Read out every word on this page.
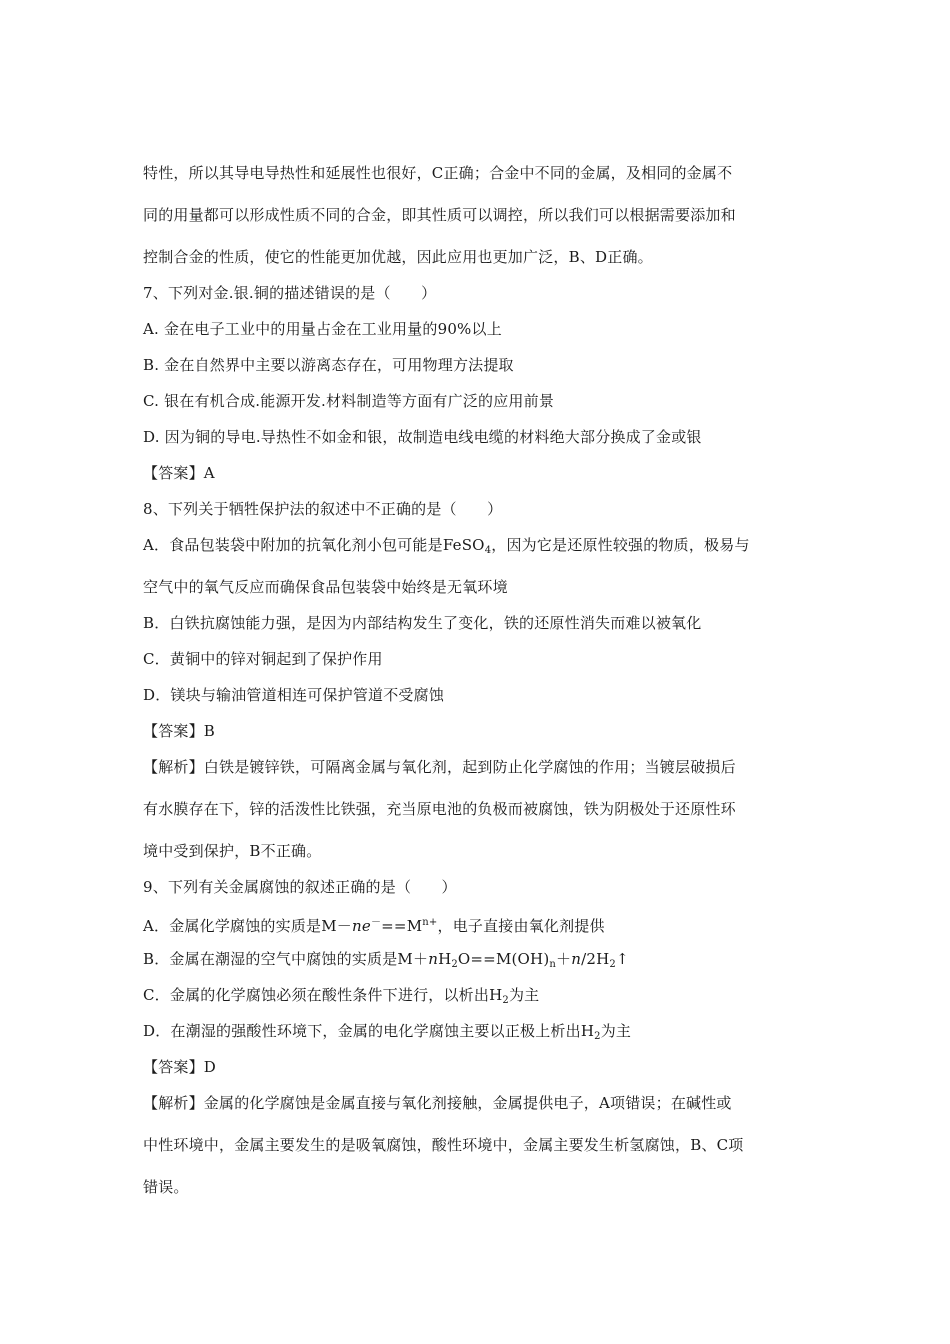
特性，所以其导电导热性和延展性也很好，C正确；合金中不同的金属，及相同的金属不
同的用量都可以形成性质不同的合金，即其性质可以调控，所以我们可以根据需要添加和
控制合金的性质，使它的性能更加优越，因此应用也更加广泛，B、D正确。
7、下列对金.银.铜的描述错误的是（　　）
A. 金在电子工业中的用量占金在工业用量的90%以上
B. 金在自然界中主要以游离态存在，可用物理方法提取
C. 银在有机合成.能源开发.材料制造等方面有广泛的应用前景
D. 因为铜的导电.导热性不如金和银，故制造电线电缆的材料绝大部分换成了金或银
【答案】A
8、下列关于牺牲保护法的叙述中不正确的是（　　）
A．食品包装袋中附加的抗氧化剂小包可能是FeSO$_4$，因为它是还原性较强的物质，极易与
空气中的氧气反应而确保食品包装袋中始终是无氧环境
B．白铁抗腐蚀能力强，是因为内部结构发生了变化，铁的还原性消失而难以被氧化
C．黄铜中的锌对铜起到了保护作用
D．镁块与输油管道相连可保护管道不受腐蚀
【答案】B
【解析】白铁是镀锌铁，可隔离金属与氧化剂，起到防止化学腐蚀的作用；当镀层破损后
有水膜存在下，锌的活泼性比铁强，充当原电池的负极而被腐蚀，铁为阴极处于还原性环
境中受到保护，B不正确。
9、下列有关金属腐蚀的叙述正确的是（　　）
A．金属化学腐蚀的实质是$M-ne^-==M^{n+}$，电子直接由氧化剂提供
B．金属在潮湿的空气中腐蚀的实质是$M+nH_2O==M(OH)_n+n/2H_2↑$
C．金属的化学腐蚀必须在酸性条件下进行，以析出$H_2$为主
D．在潮湿的强酸性环境下，金属的电化学腐蚀主要以正极上析出$H_2$为主
【答案】D
【解析】金属的化学腐蚀是金属直接与氧化剂接触，金属提供电子，A项错误；在碱性或
中性环境中，金属主要发生的是吸氧腐蚀，酸性环境中，金属主要发生析氢腐蚀，B、C项
错误。
